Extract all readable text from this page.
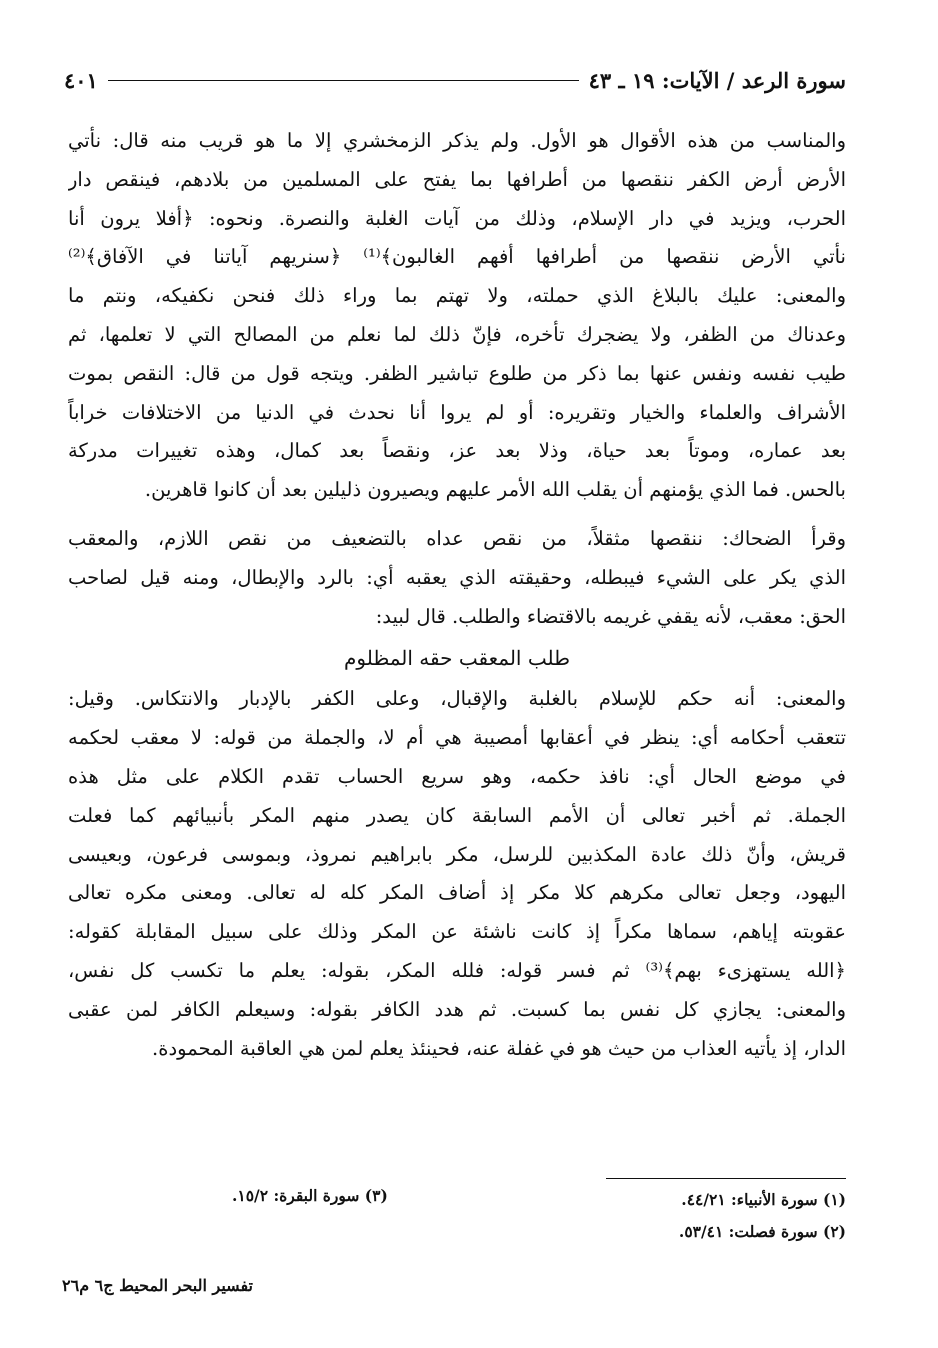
سورة الرعد / الآيات: ١٩ ـ ٤٣
٤٠١
والمناسب من هذه الأقوال هو الأول. ولم يذكر الزمخشري إلا ما هو قريب منه قال: نأتي
الأرض أرض الكفر ننقصها من أطرافها بما يفتح على المسلمين من بلادهم، فينقص دار
الحرب، ويزيد في دار الإسلام، وذلك من آيات الغلبة والنصرة. ونحوه: ﴿أفلا يرون أنا
نأتي الأرض ننقصها من أطرافها أفهم الغالبون﴾⁽¹⁾ ﴿سنريهم آياتنا في الآفاق﴾⁽²⁾
والمعنى: عليك بالبلاغ الذي حملته، ولا تهتم بما وراء ذلك فنحن نكفيكه، ونتم ما
وعدناك من الظفر، ولا يضجرك تأخره، فإنّ ذلك لما نعلم من المصالح التي لا تعلمها، ثم
طيب نفسه ونفس عنها بما ذكر من طلوع تباشير الظفر. ويتجه قول من قال: النقص بموت
الأشراف والعلماء والخيار وتقريره: أو لم يروا أنا نحدث في الدنيا من الاختلافات خراباً
بعد عماره، وموتاً بعد حياة، وذلا بعد عز، ونقصاً بعد كمال، وهذه تغييرات مدركة
بالحس. فما الذي يؤمنهم أن يقلب الله الأمر عليهم ويصيرون ذليلين بعد أن كانوا قاهرين.
وقرأ الضحاك: ننقصها مثقلاً، من نقص عداه بالتضعيف من نقص اللازم، والمعقب
الذي يكر على الشيء فيبطله، وحقيقته الذي يعقبه أي: بالرد والإبطال، ومنه قيل لصاحب
الحق: معقب، لأنه يقفي غريمه بالاقتضاء والطلب. قال لبيد:
طلب المعقب حقه المظلوم
والمعنى: أنه حكم للإسلام بالغلبة والإقبال، وعلى الكفر بالإدبار والانتكاس. وقيل:
تتعقب أحكامه أي: ينظر في أعقابها أمصيبة هي أم لا، والجملة من قوله: لا معقب لحكمه
في موضع الحال أي: نافذ حكمه، وهو سريع الحساب تقدم الكلام على مثل هذه
الجملة. ثم أخبر تعالى أن الأمم السابقة كان يصدر منهم المكر بأنبيائهم كما فعلت
قريش، وأنّ ذلك عادة المكذبين للرسل، مكر بابراهيم نمروذ، وبموسى فرعون، وبعيسى
اليهود، وجعل تعالى مكرهم كلا مكر إذ أضاف المكر كله له تعالى. ومعنى مكره تعالى
عقوبته إياهم، سماها مكراً إذ كانت ناشئة عن المكر وذلك على سبيل المقابلة كقوله:
﴿الله يستهزىء بهم﴾⁽³⁾ ثم فسر قوله: فلله المكر، بقوله: يعلم ما تكسب كل نفس،
والمعنى: يجازي كل نفس بما كسبت. ثم هدد الكافر بقوله: وسيعلم الكافر لمن عقبى
الدار، إذ يأتيه العذاب من حيث هو في غفلة عنه، فحينئذ يعلم لمن هي العاقبة المحمودة.
(١) سورة الأنبياء: ٤٤/٢١.
(٢) سورة فصلت: ٥٣/٤١.
(٣) سورة البقرة: ١٥/٢.
تفسير البحر المحيط ج٦ م٢٦
